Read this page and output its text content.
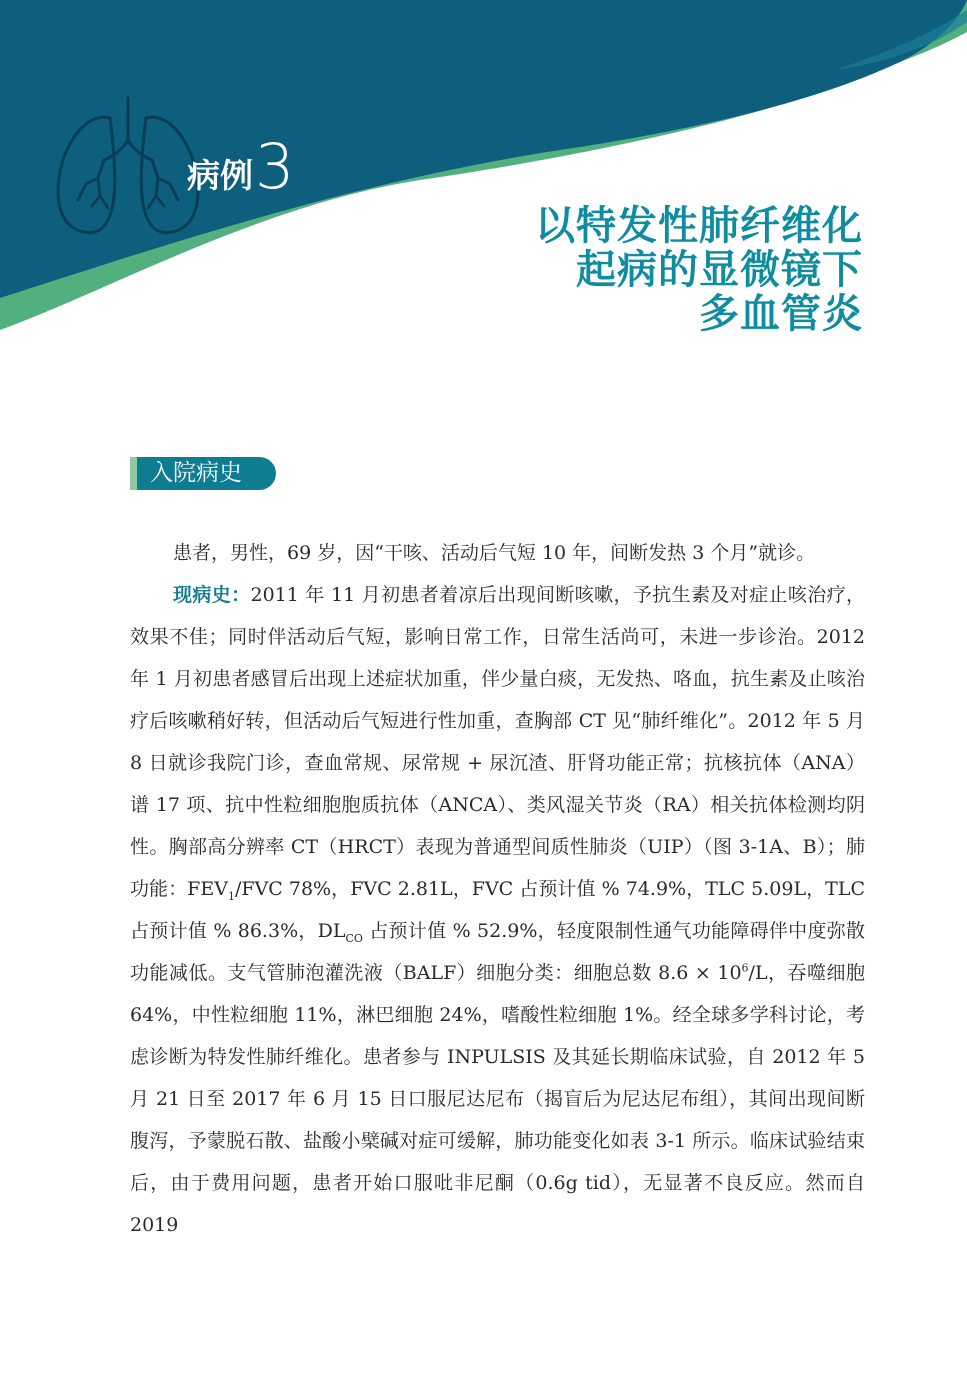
病例 3
以特发性肺纤维化
起病的显微镜下
多血管炎
入院病史

患者，男性，69 岁，因“干咳、活动后气短 10 年，间断发热 3 个月”就诊。

现病史：2011 年 11 月初患者着凉后出现间断咳嗽，予抗生素及对症止咳治疗，效果不佳；同时伴活动后气短，影响日常工作，日常生活尚可，未进一步诊治。2012 年 1 月初患者感冒后出现上述症状加重，伴少量白痰，无发热、咯血，抗生素及止咳治疗后咳嗽稍好转，但活动后气短进行性加重，查胸部 CT 见“肺纤维化”。2012 年 5 月 8 日就诊我院门诊，查血常规、尿常规 + 尿沉渣、肝肾功能正常；抗核抗体（ANA）谱 17 项、抗中性粒细胞胞质抗体（ANCA）、类风湿关节炎（RA）相关抗体检测均阴性。胸部高分辨率 CT（HRCT）表现为普通型间质性肺炎（UIP）（图 3-1A、B）；肺功能：$FEV_1$/FVC 78%，FVC 2.81L，FVC 占预计值 % 74.9%，TLC 5.09L，TLC 占预计值 % 86.3%，$DL_{CO}$ 占预计值 % 52.9%，轻度限制性通气功能障碍伴中度弥散功能减低。支气管肺泡灌洗液（BALF）细胞分类：细胞总数 $8.6 \times 10^6/L$，吞噬细胞 64%，中性粒细胞 11%，淋巴细胞 24%，嗜酸性粒细胞 1%。经全球多学科讨论，考虑诊断为特发性肺纤维化。患者参与 INPULSIS 及其延长期临床试验，自 2012 年 5 月 21 日至 2017 年 6 月 15 日口服尼达尼布（揭盲后为尼达尼布组），其间出现间断腹泻，予蒙脱石散、盐酸小檗碱对症可缓解，肺功能变化如表 3-1 所示。临床试验结束后，由于费用问题，患者开始口服吡非尼酮（0.6g tid），无显著不良反应。然而自 2019
